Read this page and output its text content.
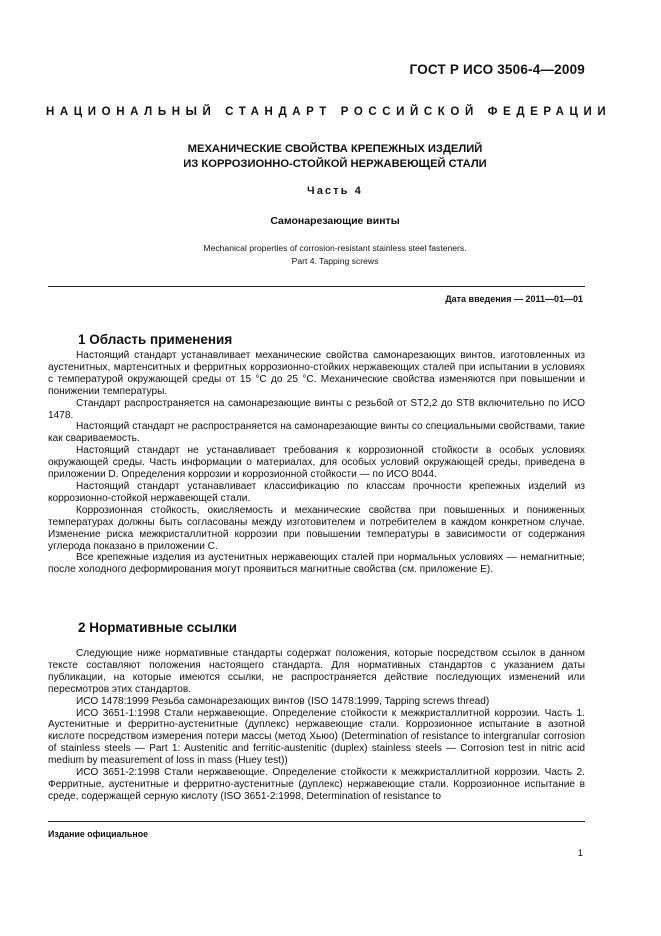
ГОСТ Р ИСО 3506-4—2009
НАЦИОНАЛЬНЫЙ СТАНДАРТ РОССИЙСКОЙ ФЕДЕРАЦИИ
МЕХАНИЧЕСКИЕ СВОЙСТВА КРЕПЕЖНЫХ ИЗДЕЛИЙ
ИЗ КОРРОЗИОННО-СТОЙКОЙ НЕРЖАВЕЮЩЕЙ СТАЛИ
Часть 4
Самонарезающие винты
Mechanical properties of corrosion-resistant stainless steel fasteners.
Part 4. Tapping screws
Дата введения — 2011—01—01
1 Область применения

Настоящий стандарт устанавливает механические свойства самонарезающих винтов, изготовленных из аустенитных, мартенситных и ферритных коррозионно-стойких нержавеющих сталей при испытании в условиях с температурой окружающей среды от 15 °С до 25 °С. Механические свойства изменяются при повышении и понижении температуры.

Стандарт распространяется на самонарезающие винты с резьбой от ST2,2 до ST8 включительно по ИСО 1478.

Настоящий стандарт не распространяется на самонарезающие винты со специальными свойствами, такие как свариваемость.

Настоящий стандарт не устанавливает требования к коррозионной стойкости в особых условиях окружающей среды. Часть информации о материалах, для особых условий окружающей среды, приведена в приложении D. Определения коррозии и коррозионной стойкости — по ИСО 8044.

Настоящий стандарт устанавливает классификацию по классам прочности крепежных изделий из коррозионно-стойкой нержавеющей стали.

Коррозионная стойкость, окисляемость и механические свойства при повышенных и пониженных температурах должны быть согласованы между изготовителем и потребителем в каждом конкретном случае. Изменение риска межкристаллитной коррозии при повышении температуры в зависимости от содержания углерода показано в приложении С.

Все крепежные изделия из аустенитных нержавеющих сталей при нормальных условиях — немагнитные; после холодного деформирования могут проявиться магнитные свойства (см. приложение Е).

2 Нормативные ссылки

Следующие ниже нормативные стандарты содержат положения, которые посредством ссылок в данном тексте составляют положения настоящего стандарта. Для нормативных стандартов с указанием даты публикации, на которые имеются ссылки, не распространяется действие последующих изменений или пересмотров этих стандартов.

ИСО 1478:1999 Резьба самонарезающих винтов (ISO 1478:1999, Tapping screws thread)

ИСО 3651-1:1998 Стали нержавеющие. Определение стойкости к межкристаллитной коррозии. Часть 1. Аустенитные и ферритно-аустенитные (дуплекс) нержавеющие стали. Коррозионное испытание в азотной кислоте посредством измерения потери массы (метод Хьюо) (Determination of resistance to intergranular corrosion of stainless steels — Part 1: Austenitic and ferritic-austenitic (duplex) stainless steels — Corrosion test in nitric acid medium by measurement of loss in mass (Huey test))

ИСО 3651-2:1998 Стали нержавеющие. Определение стойкости к межкристаллитной коррозии. Часть 2. Ферритные, аустенитные и ферритно-аустенитные (дуплекс) нержавеющие стали. Коррозионное испытание в среде, содержащей серную кислоту (ISO 3651-2:1998, Determination of resistance to

Издание официальное
1
